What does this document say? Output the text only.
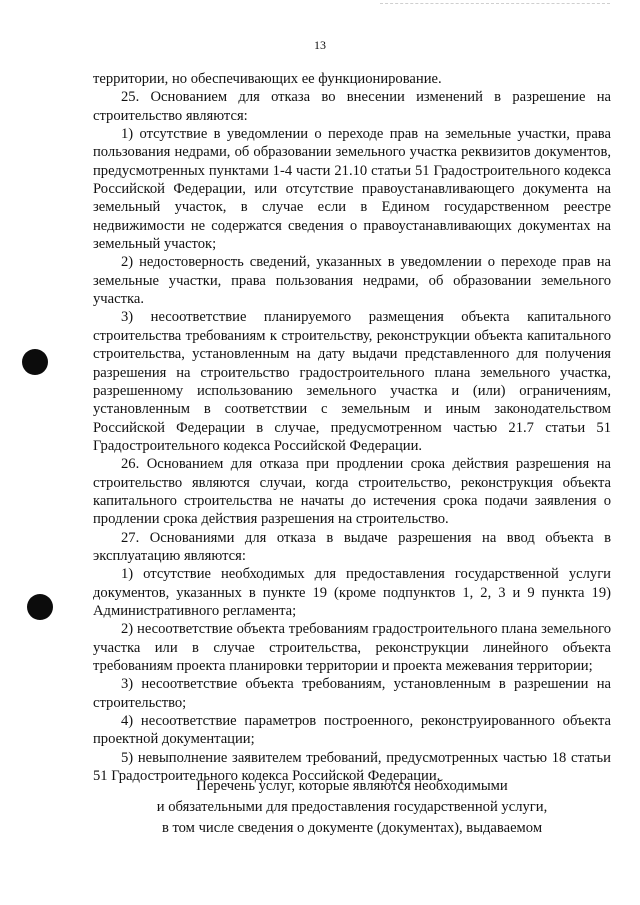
13

территории, но обеспечивающих ее функционирование.

25. Основанием для отказа во внесении изменений в разрешение на строительство являются:

1) отсутствие в уведомлении о переходе прав на земельные участки, права пользования недрами, об образовании земельного участка реквизитов документов, предусмотренных пунктами 1-4 части 21.10 статьи 51 Градостроительного кодекса Российской Федерации, или отсутствие правоустанавливающего документа на земельный участок, в случае если в Едином государственном реестре недвижимости не содержатся сведения о правоустанавливающих документах на земельный участок;

2) недостоверность сведений, указанных в уведомлении о переходе прав на земельные участки, права пользования недрами, об образовании земельного участка.

3) несоответствие планируемого размещения объекта капитального строительства требованиям к строительству, реконструкции объекта капитального строительства, установленным на дату выдачи представленного для получения разрешения на строительство градостроительного плана земельного участка, разрешенному использованию земельного участка и (или) ограничениям, установленным в соответствии с земельным и иным законодательством Российской Федерации в случае, предусмотренном частью 21.7 статьи 51 Градостроительного кодекса Российской Федерации.

26. Основанием для отказа при продлении срока действия разрешения на строительство являются случаи, когда строительство, реконструкция объекта капитального строительства не начаты до истечения срока подачи заявления о продлении срока действия разрешения на строительство.

27. Основаниями для отказа в выдаче разрешения на ввод объекта в эксплуатацию являются:

1) отсутствие необходимых для предоставления государственной услуги документов, указанных в пункте 19 (кроме подпунктов 1, 2, 3 и 9 пункта 19) Административного регламента;

2) несоответствие объекта требованиям градостроительного плана земельного участка или в случае строительства, реконструкции линейного объекта требованиям проекта планировки территории и проекта межевания территории;

3) несоответствие объекта требованиям, установленным в разрешении на строительство;

4) несоответствие параметров построенного, реконструированного объекта проектной документации;

5) невыполнение заявителем требований, предусмотренных частью 18 статьи 51 Градостроительного кодекса Российской Федерации.

Перечень услуг, которые являются необходимыми
и обязательными для предоставления государственной услуги,
в том числе сведения о документе (документах), выдаваемом
